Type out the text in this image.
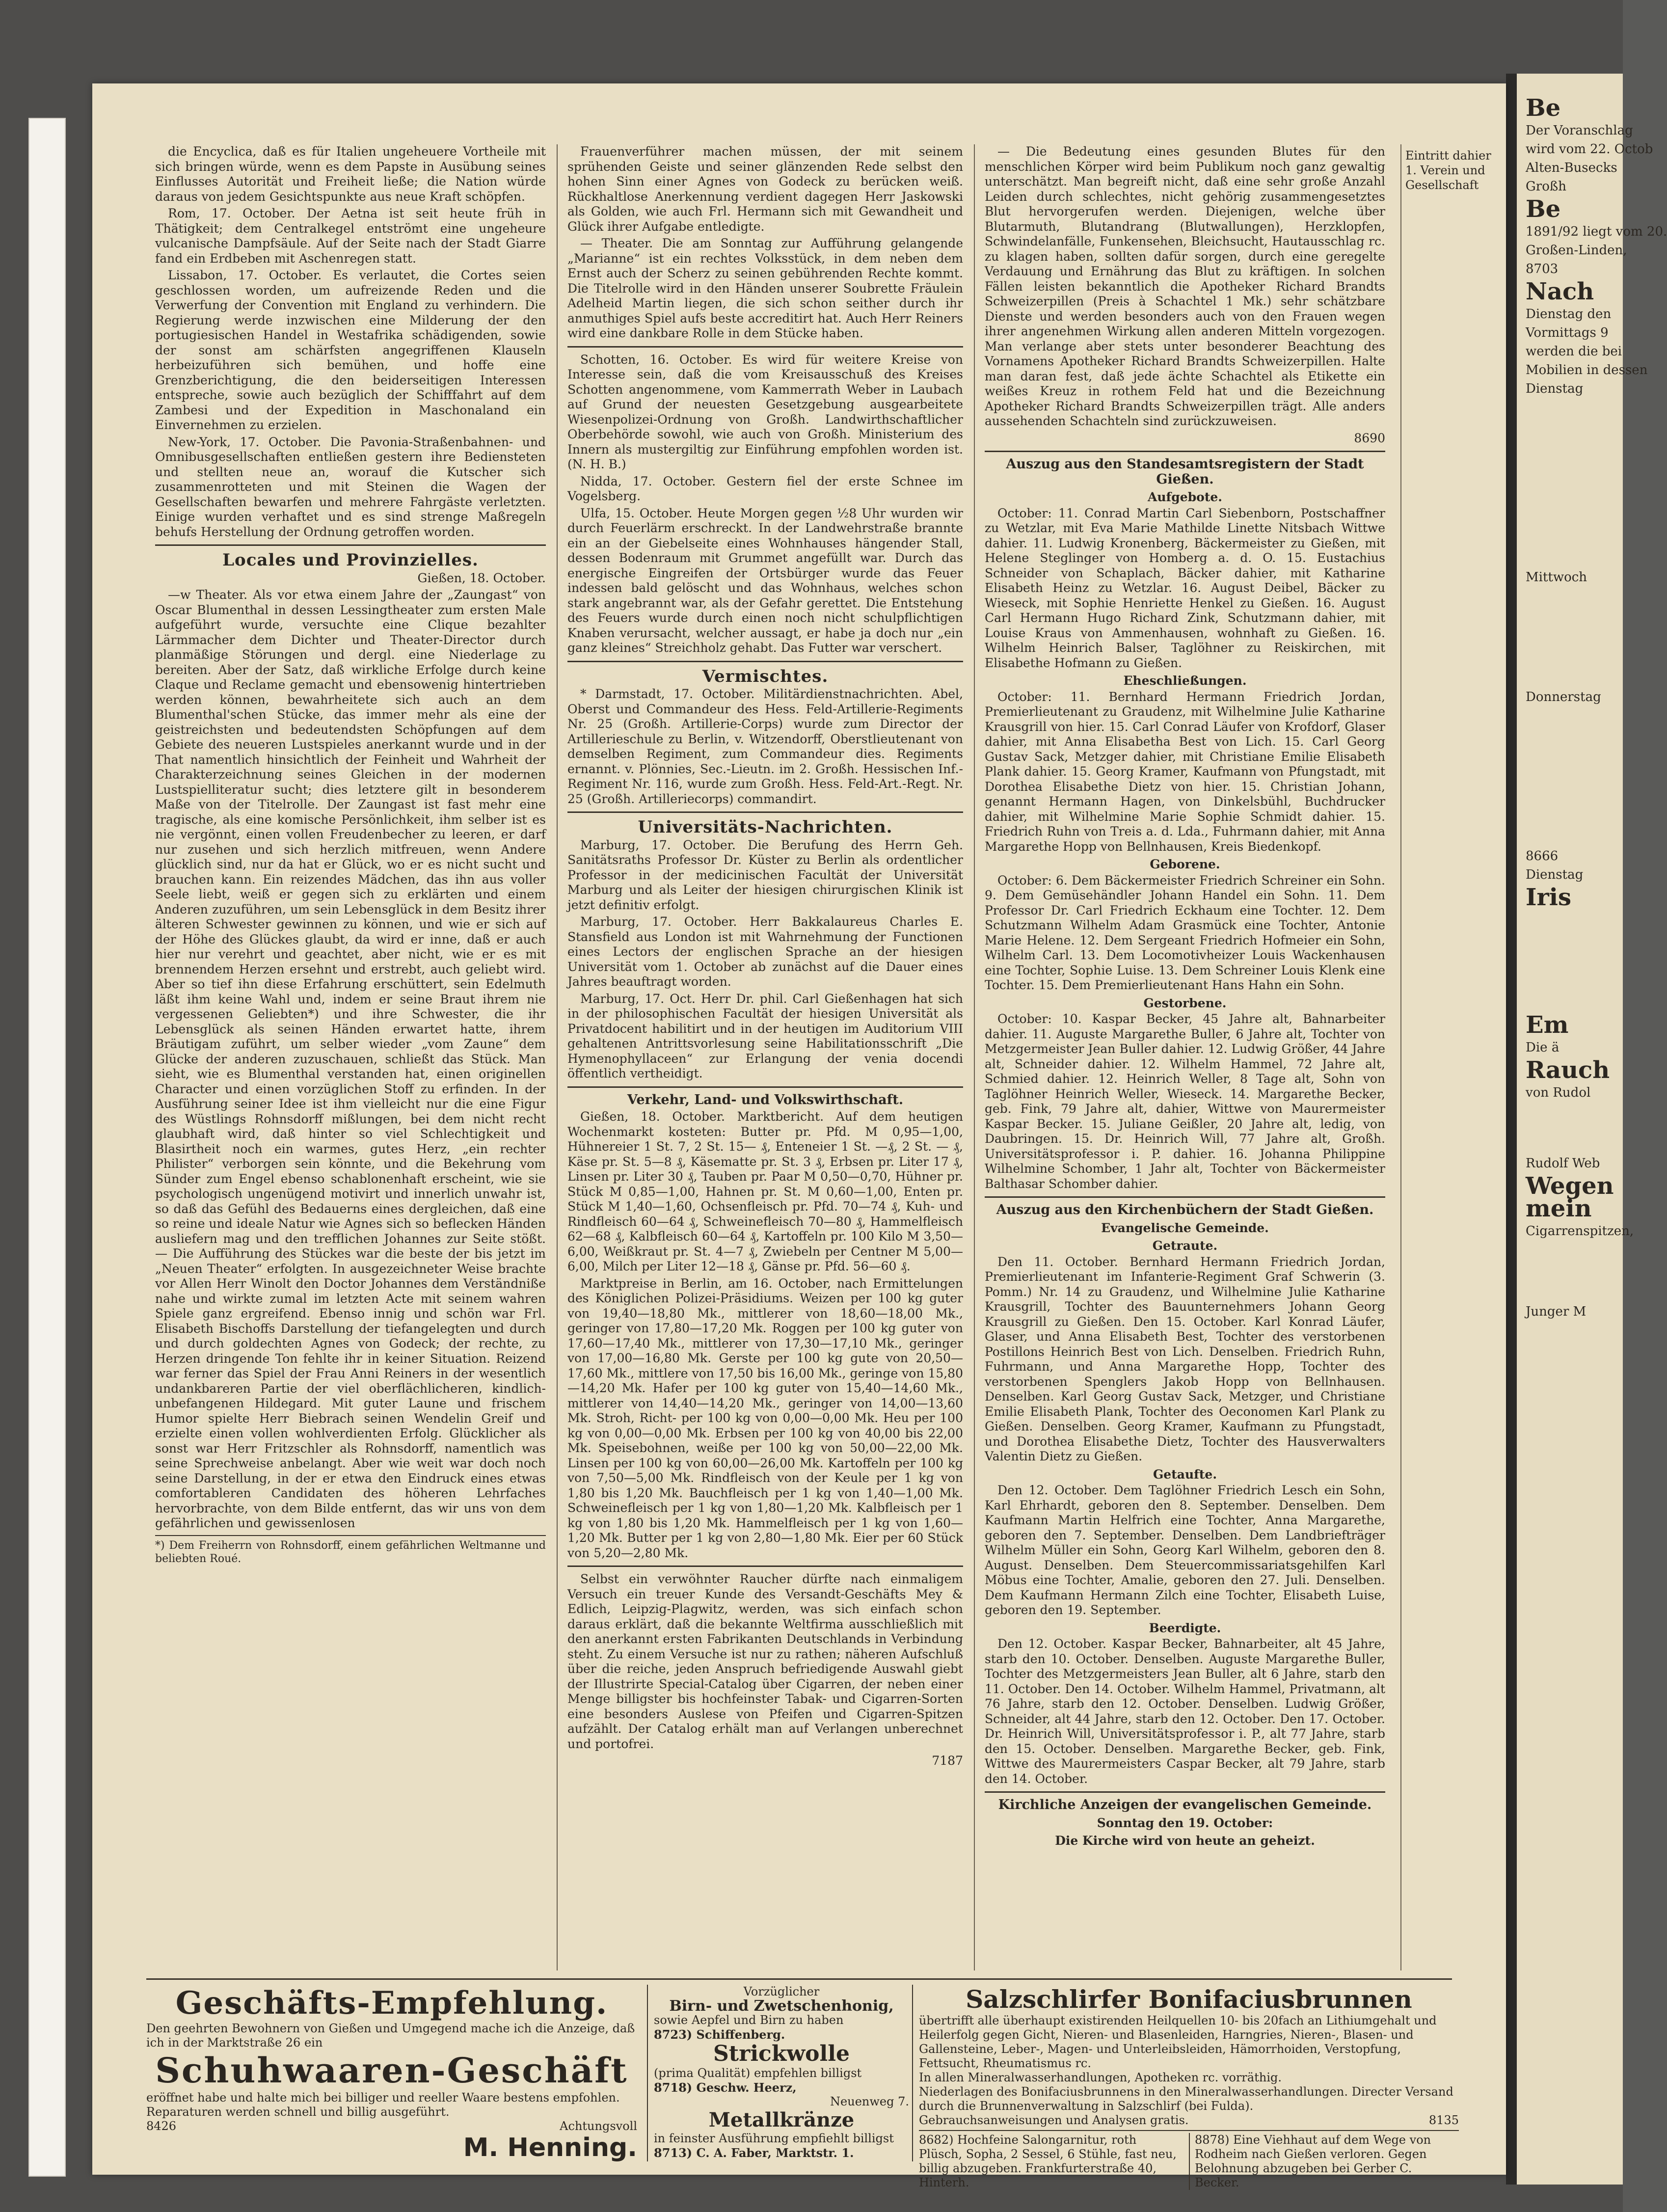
die Encyclica, daß es für Italien ungeheuere Vortheile mit sich bringen würde, wenn es dem Papste in Ausübung seines Einflusses Autorität und Freiheit ließe; die Nation würde daraus von jedem Gesichtspunkte aus neue Kraft schöpfen.

Rom, 17. October. Der Aetna ist seit heute früh in Thätigkeit; dem Centralkegel entströmt eine ungeheure vulcanische Dampfsäule. Auf der Seite nach der Stadt Giarre fand ein Erdbeben mit Aschenregen statt.

Lissabon, 17. October. Es verlautet, die Cortes seien geschlossen worden, um aufreizende Reden und die Verwerfung der Convention mit England zu verhindern. Die Regierung werde inzwischen eine Milderung der den portugiesischen Handel in Westafrika schädigenden, sowie der sonst am schärfsten angegriffenen Klauseln herbeizuführen sich bemühen, und hoffe eine Grenzberichtigung, die den beiderseitigen Interessen entspreche, sowie auch bezüglich der Schifffahrt auf dem Zambesi und der Expedition in Maschonaland ein Einvernehmen zu erzielen.

New-York, 17. October. Die Pavonia-Straßenbahnen- und Omnibusgesellschaften entließen gestern ihre Bediensteten und stellten neue an, worauf die Kutscher sich zusammenrotteten und mit Steinen die Wagen der Gesellschaften bewarfen und mehrere Fahrgäste verletzten. Einige wurden verhaftet und es sind strenge Maßregeln behufs Herstellung der Ordnung getroffen worden.

Locales und Provinzielles.
Gießen, 18. October.

—w Theater. Als vor etwa einem Jahre der „Zaungast“ von Oscar Blumenthal in dessen Lessingtheater zum ersten Male aufgeführt wurde, versuchte eine Clique bezahlter Lärmmacher dem Dichter und Theater-Director durch planmäßige Störungen und dergl. eine Niederlage zu bereiten. Aber der Satz, daß wirkliche Erfolge durch keine Claque und Reclame gemacht und ebensowenig hintertrieben werden können, bewahrheitete sich auch an dem Blumenthal'schen Stücke, das immer mehr als eine der geistreichsten und bedeutendsten Schöpfungen auf dem Gebiete des neueren Lustspieles anerkannt wurde und in der That namentlich hinsichtlich der Feinheit und Wahrheit der Charakterzeichnung seines Gleichen in der modernen Lustspielliteratur sucht; dies letztere gilt in besonderem Maße von der Titelrolle. Der Zaungast ist fast mehr eine tragische, als eine komische Persönlichkeit, ihm selber ist es nie vergönnt, einen vollen Freudenbecher zu leeren, er darf nur zusehen und sich herzlich mitfreuen, wenn Andere glücklich sind, nur da hat er Glück, wo er es nicht sucht und brauchen kann. Ein reizendes Mädchen, das ihn aus voller Seele liebt, weiß er gegen sich zu erklärten und einem Anderen zuzuführen, um sein Lebensglück in dem Besitz ihrer älteren Schwester gewinnen zu können, und wie er sich auf der Höhe des Glückes glaubt, da wird er inne, daß er auch hier nur verehrt und geachtet, aber nicht, wie er es mit brennendem Herzen ersehnt und erstrebt, auch geliebt wird. Aber so tief ihn diese Erfahrung erschüttert, sein Edelmuth läßt ihm keine Wahl und, indem er seine Braut ihrem nie vergessenen Geliebten*) und ihre Schwester, die ihr Lebensglück als seinen Händen erwartet hatte, ihrem Bräutigam zuführt, um selber wieder „vom Zaune“ dem Glücke der anderen zuzuschauen, schließt das Stück. Man sieht, wie es Blumenthal verstanden hat, einen originellen Character und einen vorzüglichen Stoff zu erfinden. In der Ausführung seiner Idee ist ihm vielleicht nur die eine Figur des Wüstlings Rohnsdorff mißlungen, bei dem nicht recht glaubhaft wird, daß hinter so viel Schlechtigkeit und Blasirtheit noch ein warmes, gutes Herz, „ein rechter Philister“ verborgen sein könnte, und die Bekehrung vom Sünder zum Engel ebenso schablonenhaft erscheint, wie sie psychologisch ungenügend motivirt und innerlich unwahr ist, so daß das Gefühl des Bedauerns eines dergleichen, daß eine so reine und ideale Natur wie Agnes sich so beflecken Händen ausliefern mag und den trefflichen Johannes zur Seite stößt. — Die Aufführung des Stückes war die beste der bis jetzt im „Neuen Theater“ erfolgten. In ausgezeichneter Weise brachte vor Allen Herr Winolt den Doctor Johannes dem Verständniße nahe und wirkte zumal im letzten Acte mit seinem wahren Spiele ganz ergreifend. Ebenso innig und schön war Frl. Elisabeth Bischoffs Darstellung der tiefangelegten und durch und durch goldechten Agnes von Godeck; der rechte, zu Herzen dringende Ton fehlte ihr in keiner Situation. Reizend war ferner das Spiel der Frau Anni Reiners in der wesentlich undankbareren Partie der viel oberflächlicheren, kindlich-unbefangenen Hildegard. Mit guter Laune und frischem Humor spielte Herr Biebrach seinen Wendelin Greif und erzielte einen vollen wohlverdienten Erfolg. Glücklicher als sonst war Herr Fritzschler als Rohnsdorff, namentlich was seine Sprechweise anbelangt. Aber wie weit war doch noch seine Darstellung, in der er etwa den Eindruck eines etwas comfortableren Candidaten des höheren Lehrfaches hervorbrachte, von dem Bilde entfernt, das wir uns von dem gefährlichen und gewissenlosen

*) Dem Freiherrn von Rohnsdorff, einem gefährlichen Weltmanne und beliebten Roué.

Frauenverführer machen müssen, der mit seinem sprühenden Geiste und seiner glänzenden Rede selbst den hohen Sinn einer Agnes von Godeck zu berücken weiß. Rückhaltlose Anerkennung verdient dagegen Herr Jaskowski als Golden, wie auch Frl. Hermann sich mit Gewandheit und Glück ihrer Aufgabe entledigte.

— Theater. Die am Sonntag zur Aufführung gelangende „Marianne“ ist ein rechtes Volksstück, in dem neben dem Ernst auch der Scherz zu seinen gebührenden Rechte kommt. Die Titelrolle wird in den Händen unserer Soubrette Fräulein Adelheid Martin liegen, die sich schon seither durch ihr anmuthiges Spiel aufs beste accreditirt hat. Auch Herr Reiners wird eine dankbare Rolle in dem Stücke haben.

Schotten, 16. October. Es wird für weitere Kreise von Interesse sein, daß die vom Kreisausschuß des Kreises Schotten angenommene, vom Kammerrath Weber in Laubach auf Grund der neuesten Gesetzgebung ausgearbeitete Wiesenpolizei-Ordnung von Großh. Landwirthschaftlicher Oberbehörde sowohl, wie auch von Großh. Ministerium des Innern als mustergiltig zur Einführung empfohlen worden ist. (N. H. B.)

Nidda, 17. October. Gestern fiel der erste Schnee im Vogelsberg.

Ulfa, 15. October. Heute Morgen gegen ½8 Uhr wurden wir durch Feuerlärm erschreckt. In der Landwehrstraße brannte ein an der Giebelseite eines Wohnhauses hängender Stall, dessen Bodenraum mit Grummet angefüllt war. Durch das energische Eingreifen der Ortsbürger wurde das Feuer indessen bald gelöscht und das Wohnhaus, welches schon stark angebrannt war, als der Gefahr gerettet. Die Entstehung des Feuers wurde durch einen noch nicht schulpflichtigen Knaben verursacht, welcher aussagt, er habe ja doch nur „ein ganz kleines“ Streichholz gehabt. Das Futter war verschert.

Vermischtes.

* Darmstadt, 17. October. Militärdienstnachrichten. Abel, Oberst und Commandeur des Hess. Feld-Artillerie-Regiments Nr. 25 (Großh. Artillerie-Corps) wurde zum Director der Artillerieschule zu Berlin, v. Witzendorff, Oberstlieutenant von demselben Regiment, zum Commandeur dies. Regiments ernannt. v. Plönnies, Sec.-Lieutn. im 2. Großh. Hessischen Inf.-Regiment Nr. 116, wurde zum Großh. Hess. Feld-Art.-Regt. Nr. 25 (Großh. Artilleriecorps) commandirt.

Universitäts-Nachrichten.

Marburg, 17. October. Die Berufung des Herrn Geh. Sanitätsraths Professor Dr. Küster zu Berlin als ordentlicher Professor in der medicinischen Facultät der Universität Marburg und als Leiter der hiesigen chirurgischen Klinik ist jetzt definitiv erfolgt.

Marburg, 17. October. Herr Bakkalaureus Charles E. Stansfield aus London ist mit Wahrnehmung der Functionen eines Lectors der englischen Sprache an der hiesigen Universität vom 1. October ab zunächst auf die Dauer eines Jahres beauftragt worden.

Marburg, 17. Oct. Herr Dr. phil. Carl Gießenhagen hat sich in der philosophischen Facultät der hiesigen Universität als Privatdocent habilitirt und in der heutigen im Auditorium VIII gehaltenen Antrittsvorlesung seine Habilitationsschrift „Die Hymenophyllaceen“ zur Erlangung der venia docendi öffentlich vertheidigt.

Verkehr, Land- und Volkswirthschaft.

Gießen, 18. October. Marktbericht. Auf dem heutigen Wochenmarkt kosteten: Butter pr. Pfd. M 0,95—1,00, Hühnereier 1 St. 7, 2 St. 15— ₰, Enteneier 1 St. —₰, 2 St. — ₰, Käse pr. St. 5—8 ₰, Käsematte pr. St. 3 ₰, Erbsen pr. Liter 17 ₰, Linsen pr. Liter 30 ₰, Tauben pr. Paar M 0,50—0,70, Hühner pr. Stück M 0,85—1,00, Hahnen pr. St. M 0,60—1,00, Enten pr. Stück M 1,40—1,60, Ochsenfleisch pr. Pfd. 70—74 ₰, Kuh- und Rindfleisch 60—64 ₰, Schweinefleisch 70—80 ₰, Hammelfleisch 62—68 ₰, Kalbfleisch 60—64 ₰, Kartoffeln pr. 100 Kilo M 3,50—6,00, Weißkraut pr. St. 4—7 ₰, Zwiebeln per Centner M 5,00—6,00, Milch per Liter 12—18 ₰, Gänse pr. Pfd. 56—60 ₰.

Marktpreise in Berlin, am 16. October, nach Ermittelungen des Königlichen Polizei-Präsidiums. Weizen per 100 kg guter von 19,40—18,80 Mk., mittlerer von 18,60—18,00 Mk., geringer von 17,80—17,20 Mk. Roggen per 100 kg guter von 17,60—17,40 Mk., mittlerer von 17,30—17,10 Mk., geringer von 17,00—16,80 Mk. Gerste per 100 kg gute von 20,50—17,60 Mk., mittlere von 17,50 bis 16,00 Mk., geringe von 15,80—14,20 Mk. Hafer per 100 kg guter von 15,40—14,60 Mk., mittlerer von 14,40—14,20 Mk., geringer von 14,00—13,60 Mk. Stroh, Richt- per 100 kg von 0,00—0,00 Mk. Heu per 100 kg von 0,00—0,00 Mk. Erbsen per 100 kg von 40,00 bis 22,00 Mk. Speisebohnen, weiße per 100 kg von 50,00—22,00 Mk. Linsen per 100 kg von 60,00—26,00 Mk. Kartoffeln per 100 kg von 7,50—5,00 Mk. Rindfleisch von der Keule per 1 kg von 1,80 bis 1,20 Mk. Bauchfleisch per 1 kg von 1,40—1,00 Mk. Schweinefleisch per 1 kg von 1,80—1,20 Mk. Kalbfleisch per 1 kg von 1,80 bis 1,20 Mk. Hammelfleisch per 1 kg von 1,60—1,20 Mk. Butter per 1 kg von 2,80—1,80 Mk. Eier per 60 Stück von 5,20—2,80 Mk.

Selbst ein verwöhnter Raucher dürfte nach einmaligem Versuch ein treuer Kunde des Versandt-Geschäfts Mey & Edlich, Leipzig-Plagwitz, werden, was sich einfach schon daraus erklärt, daß die bekannte Weltfirma ausschließlich mit den anerkannt ersten Fabrikanten Deutschlands in Verbindung steht. Zu einem Versuche ist nur zu rathen; näheren Aufschluß über die reiche, jeden Anspruch befriedigende Auswahl giebt der Illustrirte Special-Catalog über Cigarren, der neben einer Menge billigster bis hochfeinster Tabak- und Cigarren-Sorten eine besonders Auslese von Pfeifen und Cigarren-Spitzen aufzählt. Der Catalog erhält man auf Verlangen unberechnet und portofrei.

7187

— Die Bedeutung eines gesunden Blutes für den menschlichen Körper wird beim Publikum noch ganz gewaltig unterschätzt. Man begreift nicht, daß eine sehr große Anzahl Leiden durch schlechtes, nicht gehörig zusammengesetztes Blut hervorgerufen werden. Diejenigen, welche über Blutarmuth, Blutandrang (Blutwallungen), Herzklopfen, Schwindelanfälle, Funkensehen, Bleichsucht, Hautausschlag rc. zu klagen haben, sollten dafür sorgen, durch eine geregelte Verdauung und Ernährung das Blut zu kräftigen. In solchen Fällen leisten bekanntlich die Apotheker Richard Brandts Schweizerpillen (Preis à Schachtel 1 Mk.) sehr schätzbare Dienste und werden besonders auch von den Frauen wegen ihrer angenehmen Wirkung allen anderen Mitteln vorgezogen. Man verlange aber stets unter besonderer Beachtung des Vornamens Apotheker Richard Brandts Schweizerpillen. Halte man daran fest, daß jede ächte Schachtel als Etikette ein weißes Kreuz in rothem Feld hat und die Bezeichnung Apotheker Richard Brandts Schweizerpillen trägt. Alle anders aussehenden Schachteln sind zurückzuweisen.

8690
Auszug aus den Standesamtsregistern der Stadt Gießen.
Aufgebote.

October: 11. Conrad Martin Carl Siebenborn, Postschaffner zu Wetzlar, mit Eva Marie Mathilde Linette Nitsbach Wittwe dahier. 11. Ludwig Kronenberg, Bäckermeister zu Gießen, mit Helene Steglinger von Homberg a. d. O. 15. Eustachius Schneider von Schaplach, Bäcker dahier, mit Katharine Elisabeth Heinz zu Wetzlar. 16. August Deibel, Bäcker zu Wieseck, mit Sophie Henriette Henkel zu Gießen. 16. August Carl Hermann Hugo Richard Zink, Schutzmann dahier, mit Louise Kraus von Ammenhausen, wohnhaft zu Gießen. 16. Wilhelm Heinrich Balser, Taglöhner zu Reiskirchen, mit Elisabethe Hofmann zu Gießen.

Eheschließungen.

October: 11. Bernhard Hermann Friedrich Jordan, Premierlieutenant zu Graudenz, mit Wilhelmine Julie Katharine Krausgrill von hier. 15. Carl Conrad Läufer von Krofdorf, Glaser dahier, mit Anna Elisabetha Best von Lich. 15. Carl Georg Gustav Sack, Metzger dahier, mit Christiane Emilie Elisabeth Plank dahier. 15. Georg Kramer, Kaufmann von Pfungstadt, mit Dorothea Elisabethe Dietz von hier. 15. Christian Johann, genannt Hermann Hagen, von Dinkelsbühl, Buchdrucker dahier, mit Wilhelmine Marie Sophie Schmidt dahier. 15. Friedrich Ruhn von Treis a. d. Lda., Fuhrmann dahier, mit Anna Margarethe Hopp von Bellnhausen, Kreis Biedenkopf.

Geborene.

October: 6. Dem Bäckermeister Friedrich Schreiner ein Sohn. 9. Dem Gemüsehändler Johann Handel ein Sohn. 11. Dem Professor Dr. Carl Friedrich Eckhaum eine Tochter. 12. Dem Schutzmann Wilhelm Adam Grasmück eine Tochter, Antonie Marie Helene. 12. Dem Sergeant Friedrich Hofmeier ein Sohn, Wilhelm Carl. 13. Dem Locomotivheizer Louis Wackenhausen eine Tochter, Sophie Luise. 13. Dem Schreiner Louis Klenk eine Tochter. 15. Dem Premierlieutenant Hans Hahn ein Sohn.

Gestorbene.

October: 10. Kaspar Becker, 45 Jahre alt, Bahnarbeiter dahier. 11. Auguste Margarethe Buller, 6 Jahre alt, Tochter von Metzgermeister Jean Buller dahier. 12. Ludwig Größer, 44 Jahre alt, Schneider dahier. 12. Wilhelm Hammel, 72 Jahre alt, Schmied dahier. 12. Heinrich Weller, 8 Tage alt, Sohn von Taglöhner Heinrich Weller, Wieseck. 14. Margarethe Becker, geb. Fink, 79 Jahre alt, dahier, Wittwe von Maurermeister Kaspar Becker. 15. Juliane Geißler, 20 Jahre alt, ledig, von Daubringen. 15. Dr. Heinrich Will, 77 Jahre alt, Großh. Universitätsprofessor i. P. dahier. 16. Johanna Philippine Wilhelmine Schomber, 1 Jahr alt, Tochter von Bäckermeister Balthasar Schomber dahier.

Auszug aus den Kirchenbüchern der Stadt Gießen.
Evangelische Gemeinde.
Getraute.

Den 11. October. Bernhard Hermann Friedrich Jordan, Premierlieutenant im Infanterie-Regiment Graf Schwerin (3. Pomm.) Nr. 14 zu Graudenz, und Wilhelmine Julie Katharine Krausgrill, Tochter des Bauunternehmers Johann Georg Krausgrill zu Gießen. Den 15. October. Karl Konrad Läufer, Glaser, und Anna Elisabeth Best, Tochter des verstorbenen Postillons Heinrich Best von Lich. Denselben. Friedrich Ruhn, Fuhrmann, und Anna Margarethe Hopp, Tochter des verstorbenen Spenglers Jakob Hopp von Bellnhausen. Denselben. Karl Georg Gustav Sack, Metzger, und Christiane Emilie Elisabeth Plank, Tochter des Oeconomen Karl Plank zu Gießen. Denselben. Georg Kramer, Kaufmann zu Pfungstadt, und Dorothea Elisabethe Dietz, Tochter des Hausverwalters Valentin Dietz zu Gießen.

Getaufte.

Den 12. October. Dem Taglöhner Friedrich Lesch ein Sohn, Karl Ehrhardt, geboren den 8. September. Denselben. Dem Kaufmann Martin Helfrich eine Tochter, Anna Margarethe, geboren den 7. September. Denselben. Dem Landbriefträger Wilhelm Müller ein Sohn, Georg Karl Wilhelm, geboren den 8. August. Denselben. Dem Steuercommissariatsgehilfen Karl Möbus eine Tochter, Amalie, geboren den 27. Juli. Denselben. Dem Kaufmann Hermann Zilch eine Tochter, Elisabeth Luise, geboren den 19. September.

Beerdigte.

Den 12. October. Kaspar Becker, Bahnarbeiter, alt 45 Jahre, starb den 10. October. Denselben. Auguste Margarethe Buller, Tochter des Metzgermeisters Jean Buller, alt 6 Jahre, starb den 11. October. Den 14. October. Wilhelm Hammel, Privatmann, alt 76 Jahre, starb den 12. October. Denselben. Ludwig Größer, Schneider, alt 44 Jahre, starb den 12. October. Den 17. October. Dr. Heinrich Will, Universitätsprofessor i. P., alt 77 Jahre, starb den 15. October. Denselben. Margarethe Becker, geb. Fink, Wittwe des Maurermeisters Caspar Becker, alt 79 Jahre, starb den 14. October.

Kirchliche Anzeigen der evangelischen Gemeinde.
Sonntag den 19. October:
Die Kirche wird von heute an geheizt.
Eintritt dahier 1. Verein und Gesellschaft
Geschäfts-Empfehlung.

Den geehrten Bewohnern von Gießen und Umgegend mache ich die Anzeige, daß ich in der Marktstraße 26 ein

Schuhwaaren-Geschäft

eröffnet habe und halte mich bei billiger und reeller Waare bestens empfohlen.

Reparaturen werden schnell und billig ausgeführt.

8426	Achtungsvoll
M. Henning.

Vorzüglicher

Birn- und Zwetschenhonig,

sowie Aepfel und Birn zu haben

8723) Schiffenberg.

Strickwolle

(prima Qualität) empfehlen billigst

8718) Geschw. Heerz,

Neuenweg 7.

Metallkränze

in feinster Ausführung empfiehlt billigst

8713) C. A. Faber, Marktstr. 1.

Salzschlirfer Bonifaciusbrunnen

übertrifft alle überhaupt existirenden Heilquellen 10- bis 20fach an Lithiumgehalt und Heilerfolg gegen Gicht, Nieren- und Blasenleiden, Harngries, Nieren-, Blasen- und Gallensteine, Leber-, Magen- und Unterleibsleiden, Hämorrhoiden, Verstopfung, Fettsucht, Rheumatismus rc.

In allen Mineralwasserhandlungen, Apotheken rc. vorräthig.

Niederlagen des Bonifaciusbrunnens in den Mineralwasserhandlungen. Directer Versand durch die Brunnenverwaltung in Salzschlirf (bei Fulda).

Gebrauchsanweisungen und Analysen gratis.	8135

8682) Hochfeine Salongarnitur, roth Plüsch, Sopha, 2 Sessel, 6 Stühle, fast neu, billig abzugeben. Frankfurterstraße 40, Hinterh.

8878) Eine Viehhaut auf dem Wege von Rodheim nach Gießen verloren. Gegen Belohnung abzugeben bei Gerber C. Becker.

Be
Der Voranschlag
wird vom 22. Octob
Alten-Busecks
Großh
Be
1891/92 liegt vom 20.
Großen-Linden,
8703
Nach
Dienstag den
Vormittags 9
werden die bei
Mobilien in dessen
Dienstag
Mittwoch
Donnerstag
8666
Dienstag
Iris
Em
Die ä
Rauch
von Rudol
Rudolf Web
Wegen
mein
Cigarrenspitzen,
Junger M
